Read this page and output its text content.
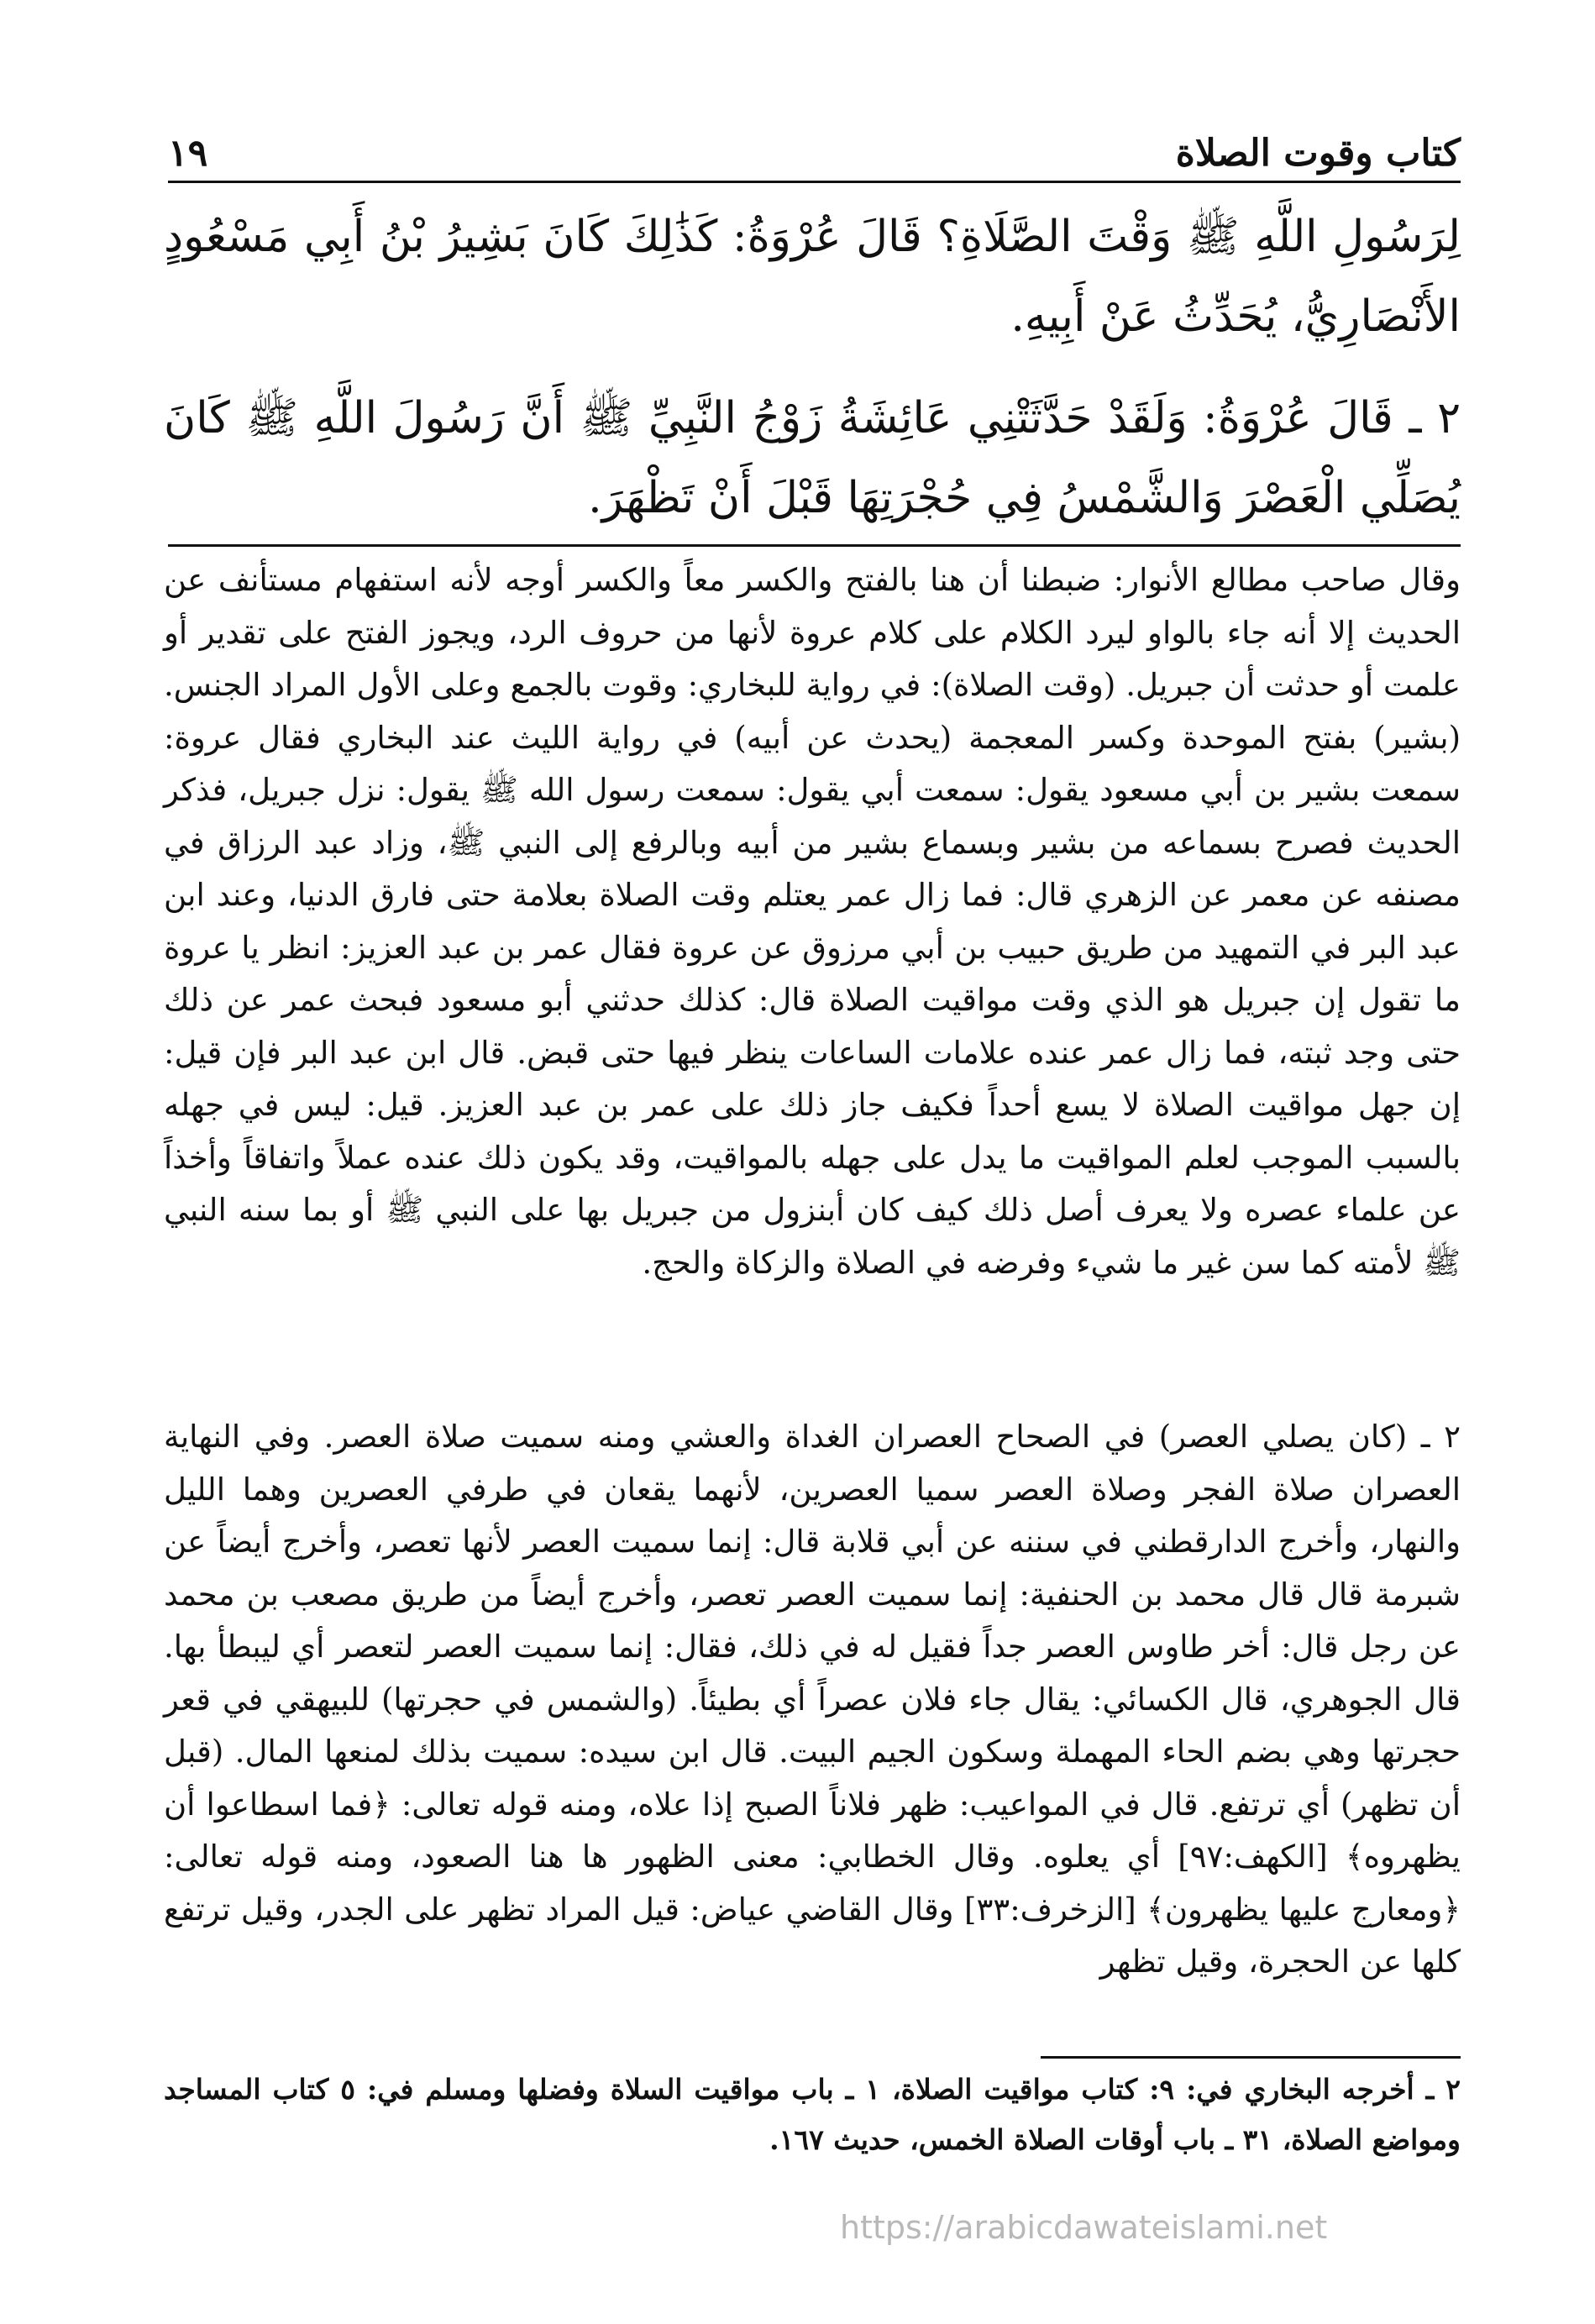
كتاب وقوت الصلاة
١٩

لِرَسُولِ اللَّهِ ﷺ وَقْتَ الصَّلَاةِ؟ قَالَ عُرْوَةُ: كَذَٰلِكَ كَانَ بَشِيرُ بْنُ أَبِي مَسْعُودٍ الأَنْصَارِيُّ، يُحَدِّثُ عَنْ أَبِيهِ.

٢ ـ قَالَ عُرْوَةُ: وَلَقَدْ حَدَّثَتْنِي عَائِشَةُ زَوْجُ النَّبِيِّ ﷺ أَنَّ رَسُولَ اللَّهِ ﷺ كَانَ يُصَلِّي الْعَصْرَ وَالشَّمْسُ فِي حُجْرَتِهَا قَبْلَ أَنْ تَظْهَرَ.

وقال صاحب مطالع الأنوار: ضبطنا أن هنا بالفتح والكسر معاً والكسر أوجه لأنه استفهام مستأنف عن الحديث إلا أنه جاء بالواو ليرد الكلام على كلام عروة لأنها من حروف الرد، ويجوز الفتح على تقدير أو علمت أو حدثت أن جبريل. (وقت الصلاة): في رواية للبخاري: وقوت بالجمع وعلى الأول المراد الجنس. (بشير) بفتح الموحدة وكسر المعجمة (يحدث عن أبيه) في رواية الليث عند البخاري فقال عروة: سمعت بشير بن أبي مسعود يقول: سمعت أبي يقول: سمعت رسول الله ﷺ يقول: نزل جبريل، فذكر الحديث فصرح بسماعه من بشير وبسماع بشير من أبيه وبالرفع إلى النبي ﷺ، وزاد عبد الرزاق في مصنفه عن معمر عن الزهري قال: فما زال عمر يعتلم وقت الصلاة بعلامة حتى فارق الدنيا، وعند ابن عبد البر في التمهيد من طريق حبيب بن أبي مرزوق عن عروة فقال عمر بن عبد العزيز: انظر يا عروة ما تقول إن جبريل هو الذي وقت مواقيت الصلاة قال: كذلك حدثني أبو مسعود فبحث عمر عن ذلك حتى وجد ثبته، فما زال عمر عنده علامات الساعات ينظر فيها حتى قبض. قال ابن عبد البر فإن قيل: إن جهل مواقيت الصلاة لا يسع أحداً فكيف جاز ذلك على عمر بن عبد العزيز. قيل: ليس في جهله بالسبب الموجب لعلم المواقيت ما يدل على جهله بالمواقيت، وقد يكون ذلك عنده عملاً واتفاقاً وأخذاً عن علماء عصره ولا يعرف أصل ذلك كيف كان أبنزول من جبريل بها على النبي ﷺ أو بما سنه النبي ﷺ لأمته كما سن غير ما شيء وفرضه في الصلاة والزكاة والحج.

٢ ـ (كان يصلي العصر) في الصحاح العصران الغداة والعشي ومنه سميت صلاة العصر. وفي النهاية العصران صلاة الفجر وصلاة العصر سميا العصرين، لأنهما يقعان في طرفي العصرين وهما الليل والنهار، وأخرج الدارقطني في سننه عن أبي قلابة قال: إنما سميت العصر لأنها تعصر، وأخرج أيضاً عن شبرمة قال قال محمد بن الحنفية: إنما سميت العصر تعصر، وأخرج أيضاً من طريق مصعب بن محمد عن رجل قال: أخر طاوس العصر جداً فقيل له في ذلك، فقال: إنما سميت العصر لتعصر أي ليبطأ بها. قال الجوهري، قال الكسائي: يقال جاء فلان عصراً أي بطيئاً. (والشمس في حجرتها) للبيهقي في قعر حجرتها وهي بضم الحاء المهملة وسكون الجيم البيت. قال ابن سيده: سميت بذلك لمنعها المال. (قبل أن تظهر) أي ترتفع. قال في المواعيب: ظهر فلاناً الصبح إذا علاه، ومنه قوله تعالى: ﴿فما اسطاعوا أن يظهروه﴾ [الكهف:٩٧] أي يعلوه. وقال الخطابي: معنى الظهور ها هنا الصعود، ومنه قوله تعالى: ﴿ومعارج عليها يظهرون﴾ [الزخرف:٣٣] وقال القاضي عياض: قيل المراد تظهر على الجدر، وقيل ترتفع كلها عن الحجرة، وقيل تظهر

٢ ـ أخرجه البخاري في: ٩: كتاب مواقيت الصلاة، ١ ـ باب مواقيت السلاة وفضلها ومسلم في: ٥ كتاب المساجد ومواضع الصلاة، ٣١ ـ باب أوقات الصلاة الخمس، حديث ١٦٧.

https://arabicdawateislami.net
